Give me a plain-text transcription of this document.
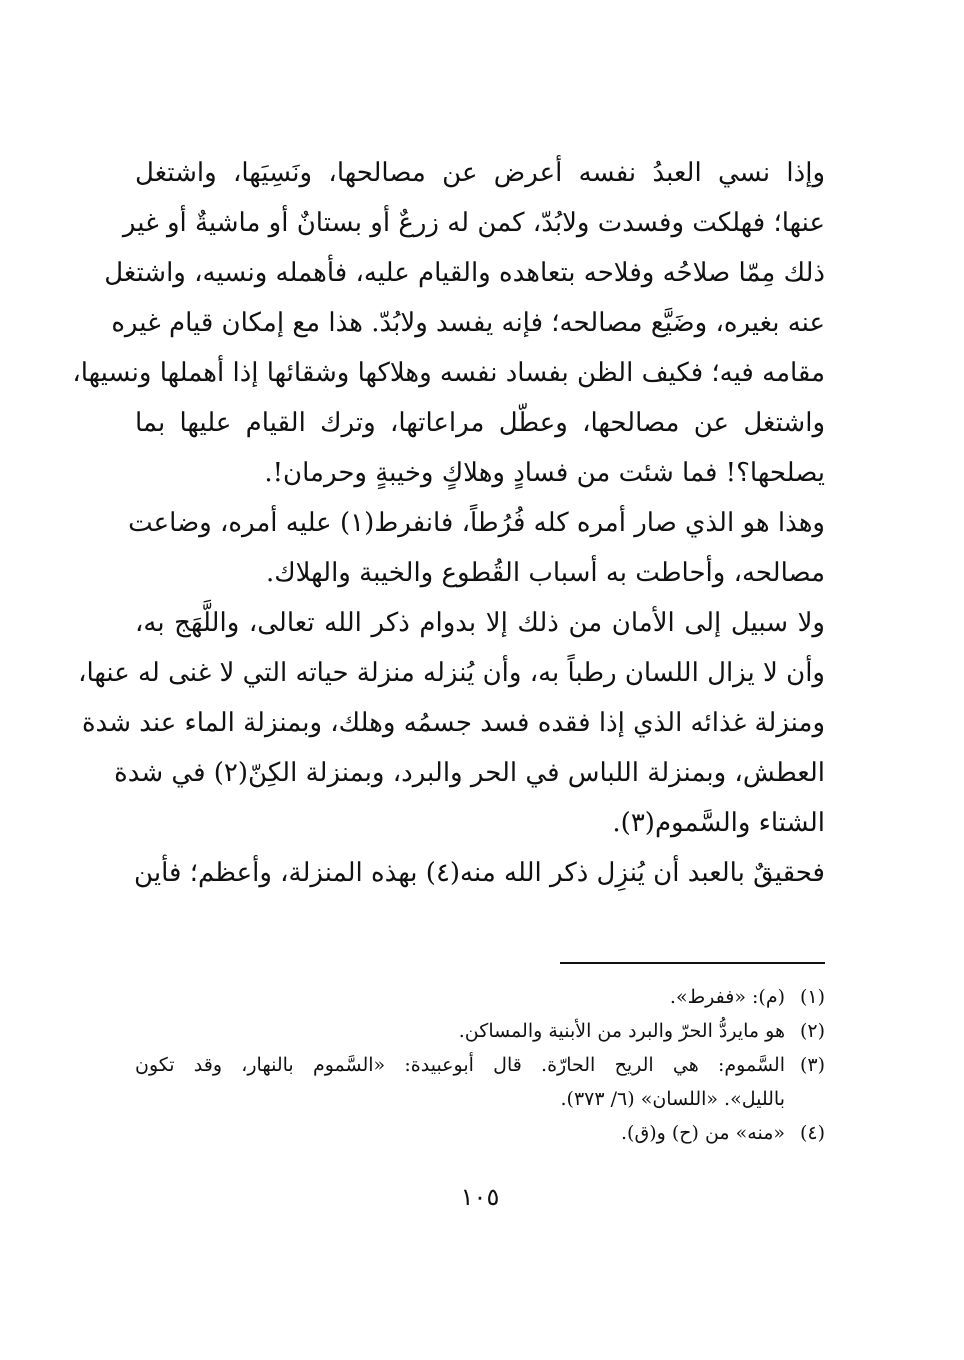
وإذا نسي العبدُ نفسه أعرض عن مصالحها، ونَسِيَها، واشتغل
عنها؛ فهلكت وفسدت ولابُدّ، كمن له زرعٌ أو بستانٌ أو ماشيةٌ أو غير
ذلك مِمّا صلاحُه وفلاحه بتعاهده والقيام عليه، فأهمله ونسيه، واشتغل
عنه بغيره، وضَيَّع مصالحه؛ فإنه يفسد ولابُدّ. هذا مع إمكان قيام غيره
مقامه فيه؛ فكيف الظن بفساد نفسه وهلاكها وشقائها إذا أهملها ونسيها،
واشتغل عن مصالحها، وعطّل مراعاتها، وترك القيام عليها بما
يصلحها؟! فما شئت من فسادٍ وهلاكٍ وخيبةٍ وحرمان!.
وهذا هو الذي صار أمره كله فُرُطاً، فانفرط(١) عليه أمره، وضاعت
مصالحه، وأحاطت به أسباب القُطوع والخيبة والهلاك.
ولا سبيل إلى الأمان من ذلك إلا بدوام ذكر الله تعالى، واللَّهَج به،
وأن لا يزال اللسان رطباً به، وأن يُنزله منزلة حياته التي لا غنى له عنها،
ومنزلة غذائه الذي إذا فقده فسد جسمُه وهلك، وبمنزلة الماء عند شدة
العطش، وبمنزلة اللباس في الحر والبرد، وبمنزلة الكِنّ(٢) في شدة
الشتاء والسَّموم(٣).
فحقيقٌ بالعبد أن يُنزِل ذكر الله منه(٤) بهذه المنزلة، وأعظم؛ فأين
(١)
(م): «ففرط».
(٢)
هو مايردُّ الحرّ والبرد من الأبنية والمساكن.
(٣)
السَّموم: هي الريح الحارّة. قال أبوعبيدة: «السَّموم بالنهار، وقد تكون
بالليل». «اللسان» (٦/ ٣٧٣).
(٤)
«منه» من (ح) و(ق).
١٠٥
